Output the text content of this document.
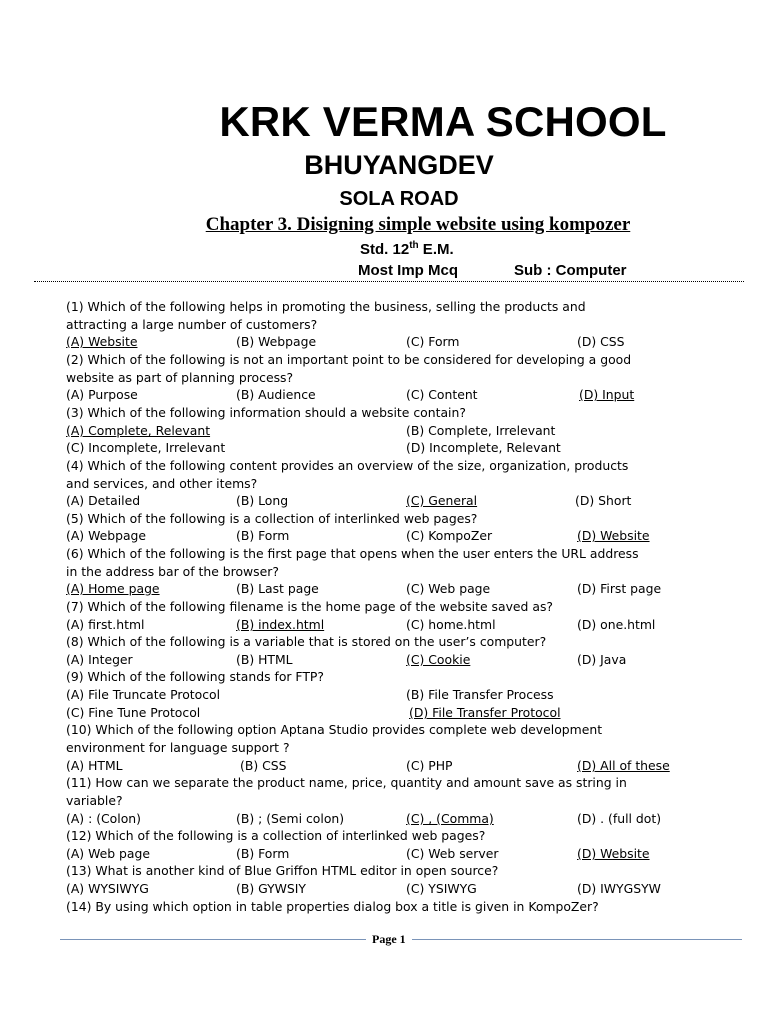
KRK VERMA SCHOOL
BHUYANGDEV
SOLA ROAD
Chapter 3. Disigning simple website using kompozer
Std. 12th E.M.
Most Imp Mcq	Sub : Computer
(1) Which of the following helps in promoting the business, selling the products and
attracting a large number of customers?
(A) Website	(B) Webpage	(C) Form	(D) CSS
(2) Which of the following is not an important point to be considered for developing a good
website as part of planning process?
(A) Purpose	(B) Audience	(C) Content	(D) Input
(3) Which of the following information should a website contain?
(A) Complete, Relevant	(B) Complete, Irrelevant
(C) Incomplete, Irrelevant	(D) Incomplete, Relevant
(4) Which of the following content provides an overview of the size, organization, products
and services, and other items?
(A) Detailed	(B) Long	(C) General	(D) Short
(5) Which of the following is a collection of interlinked web pages?
(A) Webpage	(B) Form	(C) KompoZer	(D) Website
(6) Which of the following is the first page that opens when the user enters the URL address
in the address bar of the browser?
(A) Home page	(B) Last page	(C) Web page	(D) First page
(7) Which of the following filename is the home page of the website saved as?
(A) first.html	(B) index.html	(C) home.html	(D) one.html
(8) Which of the following is a variable that is stored on the user’s computer?
(A) Integer	(B) HTML	(C) Cookie	(D) Java
(9) Which of the following stands for FTP?
(A) File Truncate Protocol	(B) File Transfer Process
(C) Fine Tune Protocol	(D) File Transfer Protocol
(10) Which of the following option Aptana Studio provides complete web development
environment for language support ?
(A) HTML	(B) CSS	(C) PHP	(D) All of these
(11) How can we separate the product name, price, quantity and amount save as string in
variable?
(A) : (Colon)	(B) ; (Semi colon)	(C) , (Comma)	(D) . (full dot)
(12) Which of the following is a collection of interlinked web pages?
(A) Web page	(B) Form	(C) Web server	(D) Website
(13) What is another kind of Blue Griffon HTML editor in open source?
(A) WYSIWYG	(B) GYWSIY	(C) YSIWYG	(D) IWYGSYW
(14) By using which option in table properties dialog box a title is given in KompoZer?
Page 1
